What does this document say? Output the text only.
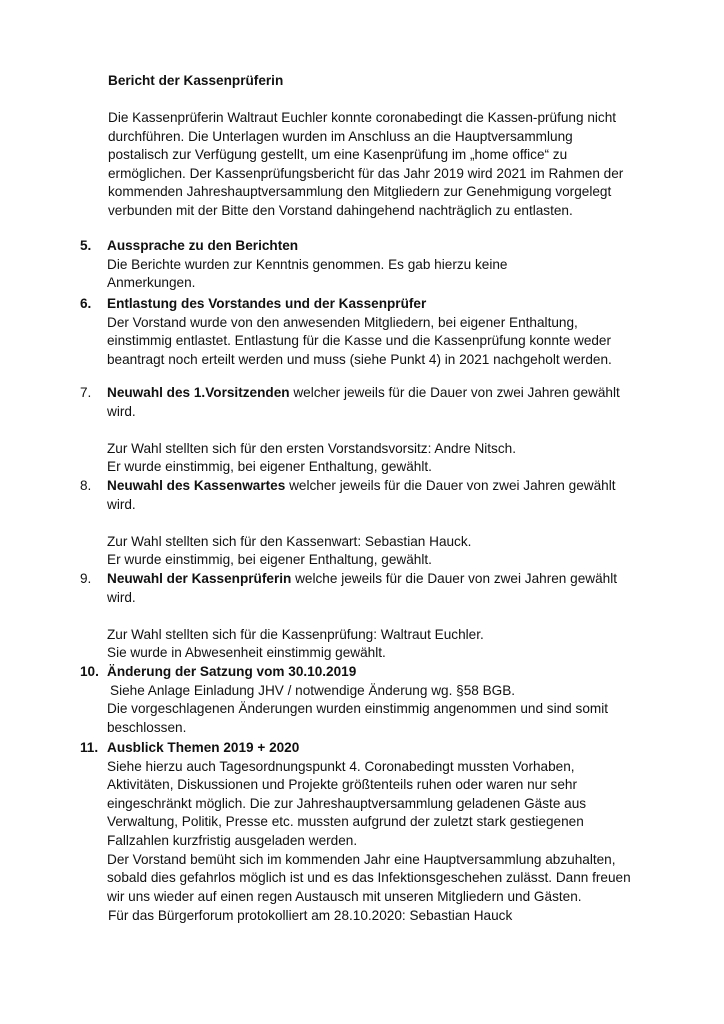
Bericht der Kassenprüferin

Die Kassenprüferin Waltraut Euchler konnte coronabedingt die Kassen-prüfung nicht

durchführen. Die Unterlagen wurden im Anschluss an die Hauptversammlung

postalisch zur Verfügung gestellt, um eine Kasenprüfung im „home office“ zu

ermöglichen. Der Kassenprüfungsbericht für das Jahr 2019 wird 2021 im Rahmen der

kommenden Jahreshauptversammlung den Mitgliedern zur Genehmigung vorgelegt

verbunden mit der Bitte den Vorstand dahingehend nachträglich zu entlasten.

5. Aussprache zu den Berichten

Die Berichte wurden zur Kenntnis genommen. Es gab hierzu keine

Anmerkungen.

6. Entlastung des Vorstandes und der Kassenprüfer

Der Vorstand wurde von den anwesenden Mitgliedern, bei eigener Enthaltung,

einstimmig entlastet. Entlastung für die Kasse und die Kassenprüfung konnte weder

beantragt noch erteilt werden und muss (siehe Punkt 4) in 2021 nachgeholt werden.

7. Neuwahl des 1.Vorsitzenden welcher jeweils für die Dauer von zwei Jahren gewählt

wird.

Zur Wahl stellten sich für den ersten Vorstandsvorsitz: Andre Nitsch.

Er wurde einstimmig, bei eigener Enthaltung, gewählt.

8. Neuwahl des Kassenwartes welcher jeweils für die Dauer von zwei Jahren gewählt

wird.

Zur Wahl stellten sich für den Kassenwart: Sebastian Hauck.

Er wurde einstimmig, bei eigener Enthaltung, gewählt.

9. Neuwahl der Kassenprüferin welche jeweils für die Dauer von zwei Jahren gewählt

wird.

Zur Wahl stellten sich für die Kassenprüfung: Waltraut Euchler.

Sie wurde in Abwesenheit einstimmig gewählt.

10. Änderung der Satzung vom 30.10.2019

Siehe Anlage Einladung JHV / notwendige Änderung wg. §58 BGB.

Die vorgeschlagenen Änderungen wurden einstimmig angenommen und sind somit

beschlossen.

11. Ausblick Themen 2019 + 2020

Siehe hierzu auch Tagesordnungspunkt 4. Coronabedingt mussten Vorhaben,

Aktivitäten, Diskussionen und Projekte größtenteils ruhen oder waren nur sehr

eingeschränkt möglich. Die zur Jahreshauptversammlung geladenen Gäste aus

Verwaltung, Politik, Presse etc. mussten aufgrund der zuletzt stark gestiegenen

Fallzahlen kurzfristig ausgeladen werden.

Der Vorstand bemüht sich im kommenden Jahr eine Hauptversammlung abzuhalten,

sobald dies gefahrlos möglich ist und es das Infektionsgeschehen zulässt. Dann freuen

wir uns wieder auf einen regen Austausch mit unseren Mitgliedern und Gästen.

Für das Bürgerforum protokolliert am 28.10.2020: Sebastian Hauck
